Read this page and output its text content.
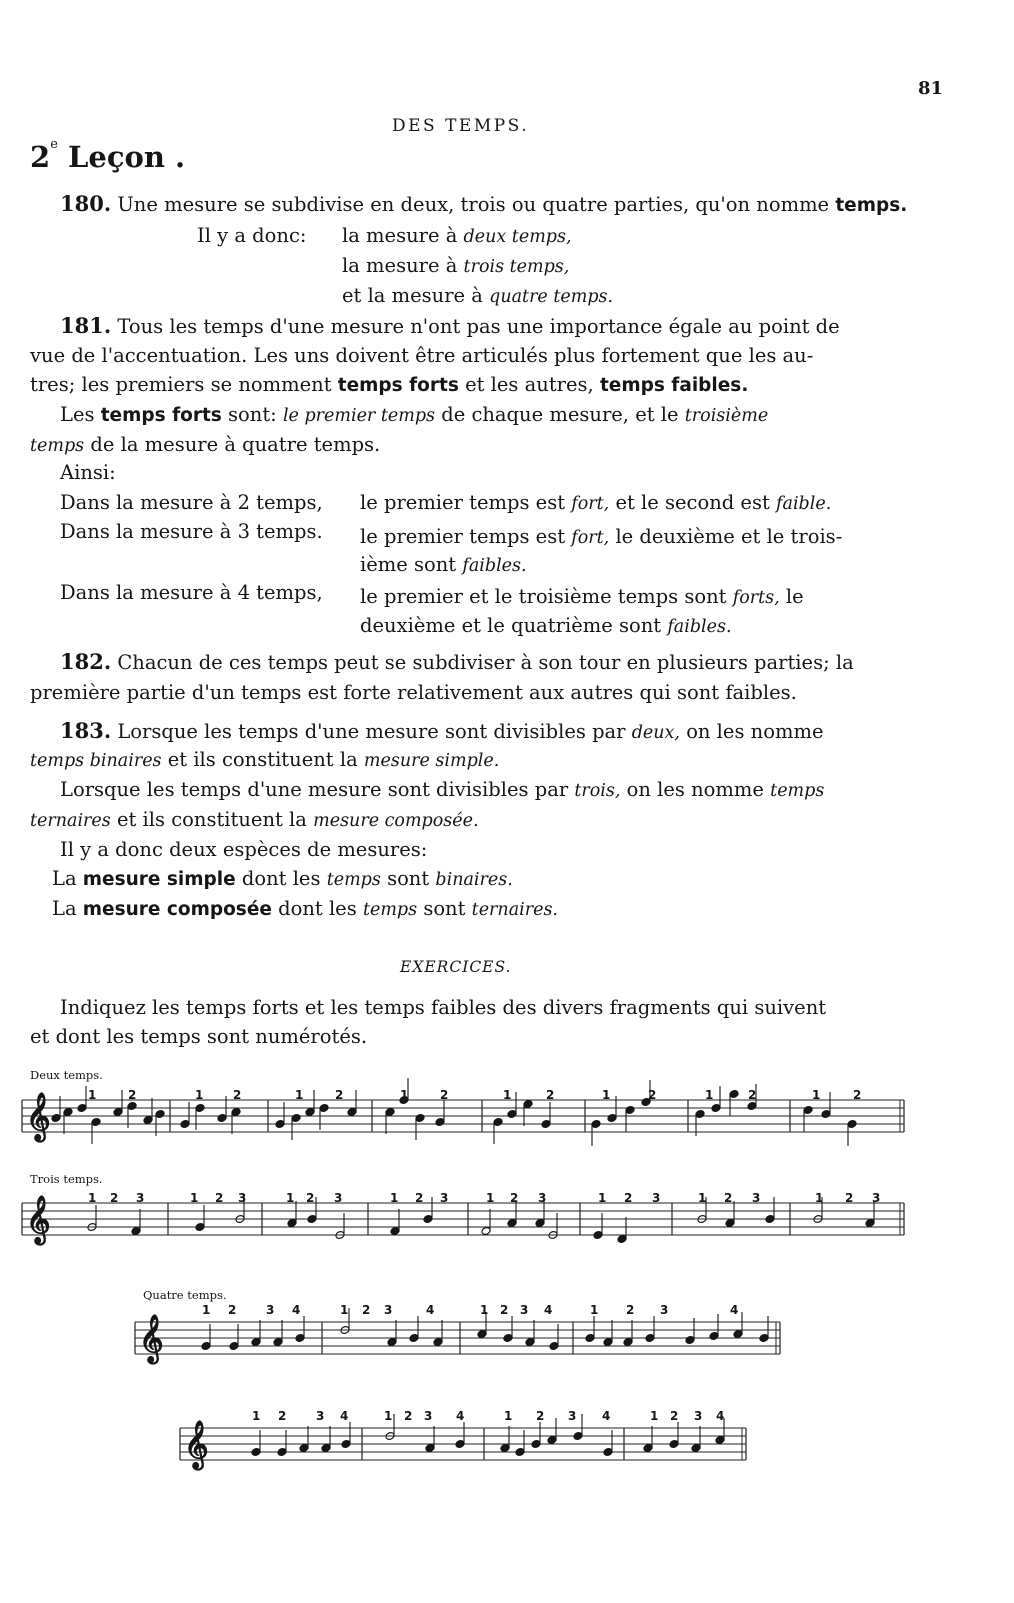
81
DES TEMPS.
2e Leçon .
180. Une mesure se subdivise en deux, trois ou quatre parties, qu'on nomme temps.
Il y a donc: la mesure à deux temps,
la mesure à trois temps,
et la mesure à quatre temps.
181. Tous les temps d'une mesure n'ont pas une importance égale au point de
vue de l'accentuation. Les uns doivent être articulés plus fortement que les au-
tres; les premiers se nomment temps forts et les autres, temps faibles.
Les temps forts sont: le premier temps de chaque mesure, et le troisième
temps de la mesure à quatre temps.
Ainsi:
Dans la mesure à 2 temps, le premier temps est fort, et le second est faible.
Dans la mesure à 3 temps. le premier temps est fort, le deuxième et le trois-
ième sont faibles.
Dans la mesure à 4 temps, le premier et le troisième temps sont forts, le
deuxième et le quatrième sont faibles.
182. Chacun de ces temps peut se subdiviser à son tour en plusieurs parties; la
première partie d'un temps est forte relativement aux autres qui sont faibles.
183. Lorsque les temps d'une mesure sont divisibles par deux, on les nomme
temps binaires et ils constituent la mesure simple.
Lorsque les temps d'une mesure sont divisibles par trois, on les nomme temps
ternaires et ils constituent la mesure composée.
Il y a donc deux espèces de mesures:
La mesure simple dont les temps sont binaires.
La mesure composée dont les temps sont ternaires.
EXERCICES.
Indiquez les temps forts et les temps faibles des divers fragments qui suivent
et dont les temps sont numérotés.
Deux temps.
Trois temps.
Quatre temps.
𝄞	1	2	1 2	1	2	1	2	1	2	1	2	1	2	1	2
𝄞	1 2 3	1 2 3	1 2 3	1 2 3	1 2 3	1 2 3	1 2 3	1 2 3
𝄞
1 2 3 4	1 2 3	4	1 2 3 4	1 2 3	4
𝄞
1 2 3 4	1 2 3 4	1 2 3 4	1 2 3 4
